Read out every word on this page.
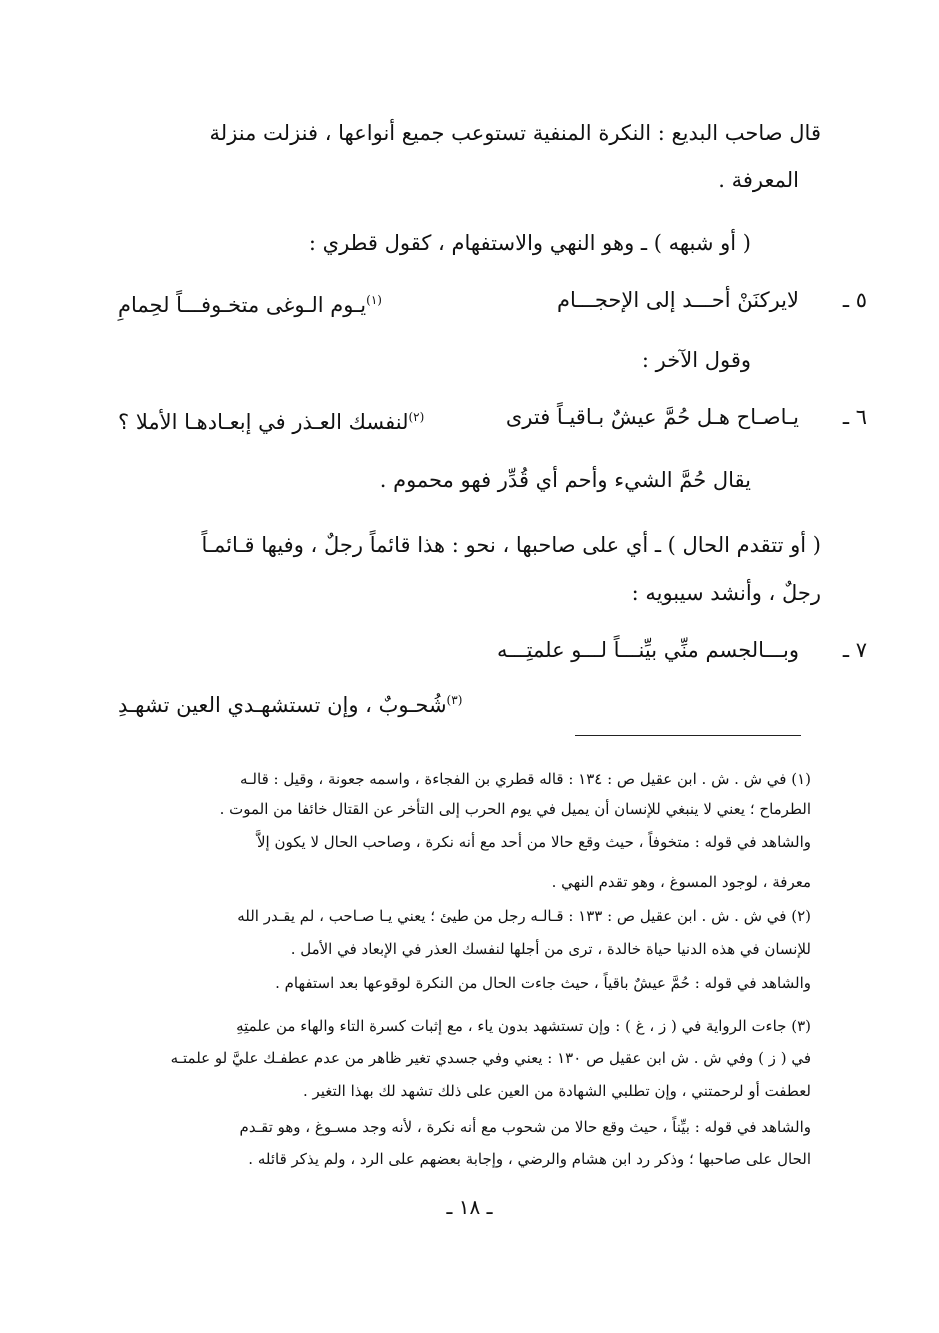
قال صاحب البديع : النكرة المنفية تستوعب جميع أنواعها ، فنزلت منزلة
المعرفة .
( أو شبهه ) ـ وهو النهي والاستفهام ، كقول قطري :
٥ ـ
لايركنَنْ أحـــد إلى الإحجـــام
$^{(١)}$يـوم الـوغى متخـوفـــاً لحِمامِ
وقول الآخر :
٦ ـ
يـاصـاح هـل حُمَّ عيشٌ بـاقيـاً فترى
$^{(٢)}$لنفسك العـذر في إبعـادهـا الأملا ؟
يقال حُمَّ الشيء وأحم أي قُدِّر فهو محموم .
( أو تتقدم الحال ) ـ أي على صاحبها ، نحو : هذا قائماً رجلٌ ، وفيها قـائمـاً
رجلٌ ، وأنشد سيبويه :
٧ ـ
وبـــالجسم منِّي بيِّنـــاً لـــو علمتِـــه
$^{(٣)}$شُحـوبٌ ، وإن تستشهـدي العين تشهـدِ
(١) في ش . ش . ابن عقيل ص : ١٣٤ : قاله قطري بن الفجاءة ، واسمه جعونة ، وقيل : قالـه
الطرماح ؛ يعني لا ينبغي للإنسان أن يميل في يوم الحرب إلى التأخر عن القتال خائفا من الموت .
والشاهد في قوله : متخوفاً ، حيث وقع حالا من أحد مع أنه نكرة ، وصاحب الحال لا يكون إلاَّ
معرفة ، لوجود المسوغ ، وهو تقدم النهي .
(٢) في ش . ش . ابن عقيل ص : ١٣٣ : قـالـه رجل من طيئ ؛ يعني يـا صـاحب ، لم يقـدر الله
للإنسان في هذه الدنيا حياة خالدة ، ترى من أجلها لنفسك العذر في الإبعاد في الأمل .
والشاهد في قوله : حُمَّ عيشٌ باقياً ، حيث جاءت الحال من النكرة لوقوعها بعد استفهام .
(٣) جاءت الرواية في ( ز ، غ ) : وإن تستشهد بدون ياء ، مع إثبات كسرة التاء والهاء من علمتِهِ
في ( ز ) وفي ش . ش ابن عقيل ص ١٣٠ : يعني وفي جسدي تغير ظاهر من عدم عطفـك عليَّ لو علمتـه
لعطفت أو لرحمتني ، وإن تطلبي الشهادة من العين على ذلك تشهد لك بهذا التغير .
والشاهد في قوله : بيِّناً ، حيث وقع حالا من شحوب مع أنه نكرة ، لأنه وجد مسـوغ ، وهو تقـدم
الحال على صاحبها ؛ وذكر رد ابن هشام والرضي ، وإجابة بعضهم على الرد ، ولم يذكر قائله .
ـ ١٨ ـ
